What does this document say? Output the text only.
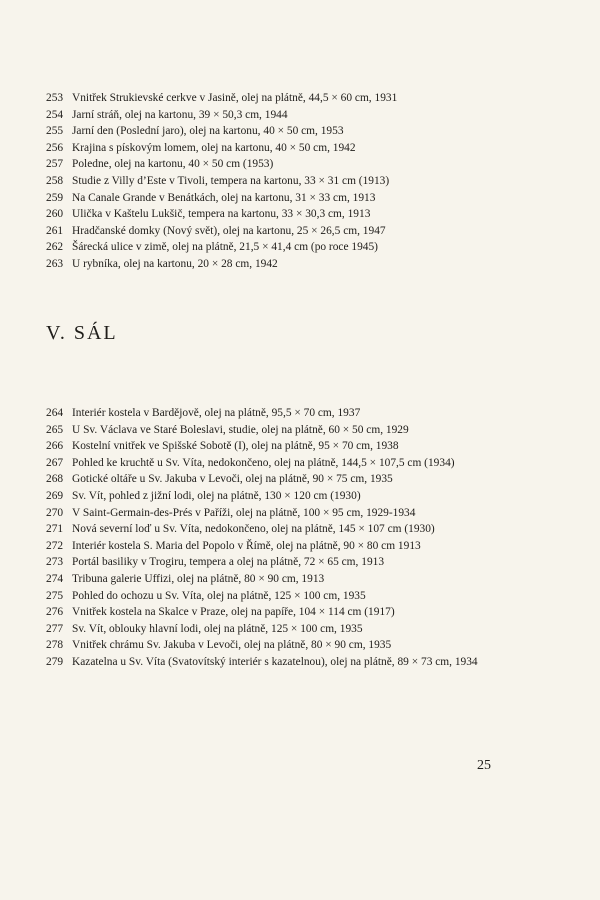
253 Vnitřek Strukievské cerkve v Jasině, olej na plátně, 44,5 × 60 cm, 1931
254 Jarní stráň, olej na kartonu, 39 × 50,3 cm, 1944
255 Jarní den (Poslední jaro), olej na kartonu, 40 × 50 cm, 1953
256 Krajina s pískovým lomem, olej na kartonu, 40 × 50 cm, 1942
257 Poledne, olej na kartonu, 40 × 50 cm (1953)
258 Studie z Villy d’Este v Tivoli, tempera na kartonu, 33 × 31 cm (1913)
259 Na Canale Grande v Benátkách, olej na kartonu, 31 × 33 cm, 1913
260 Ulička v Kaštelu Lukšič, tempera na kartonu, 33 × 30,3 cm, 1913
261 Hradčanské domky (Nový svět), olej na kartonu, 25 × 26,5 cm, 1947
262 Šárecká ulice v zimě, olej na plátně, 21,5 × 41,4 cm (po roce 1945)
263 U rybníka, olej na kartonu, 20 × 28 cm, 1942
V. SÁL
264 Interiér kostela v Bardějově, olej na plátně, 95,5 × 70 cm, 1937
265 U Sv. Václava ve Staré Boleslavi, studie, olej na plátně, 60 × 50 cm, 1929
266 Kostelní vnitřek ve Spišské Sobotě (I), olej na plátně, 95 × 70 cm, 1938
267 Pohled ke kruchtě u Sv. Víta, nedokončeno, olej na plátně, 144,5 × 107,5 cm (1934)
268 Gotické oltáře u Sv. Jakuba v Levoči, olej na plátně, 90 × 75 cm, 1935
269 Sv. Vít, pohled z jižní lodi, olej na plátně, 130 × 120 cm (1930)
270 V Saint-Germain-des-Prés v Paříži, olej na plátně, 100 × 95 cm, 1929-1934
271 Nová severní loď u Sv. Víta, nedokončeno, olej na plátně, 145 × 107 cm (1930)
272 Interiér kostela S. Maria del Popolo v Římě, olej na plátně, 90 × 80 cm 1913
273 Portál basiliky v Trogiru, tempera a olej na plátně, 72 × 65 cm, 1913
274 Tribuna galerie Uffizi, olej na plátně, 80 × 90 cm, 1913
275 Pohled do ochozu u Sv. Víta, olej na plátně, 125 × 100 cm, 1935
276 Vnitřek kostela na Skalce v Praze, olej na papíře, 104 × 114 cm (1917)
277 Sv. Vít, oblouky hlavní lodi, olej na plátně, 125 × 100 cm, 1935
278 Vnitřek chrámu Sv. Jakuba v Levoči, olej na plátně, 80 × 90 cm, 1935
279 Kazatelna u Sv. Víta (Svatovítský interiér s kazatelnou), olej na plátně, 89 × 73 cm, 1934
25
